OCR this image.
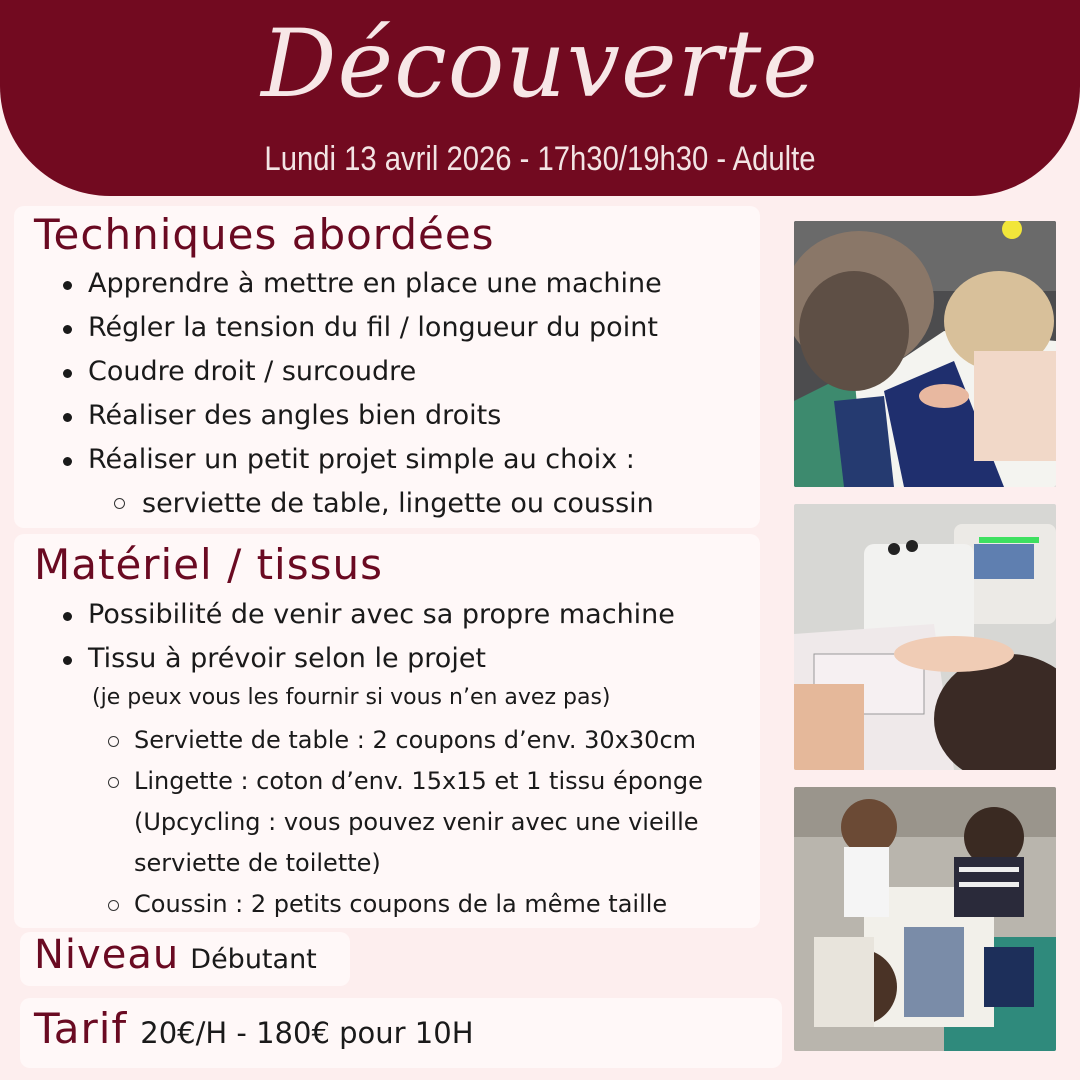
Découverte
Lundi 13 avril 2026 - 17h30/19h30 - Adulte
Techniques abordées
Apprendre à mettre en place une machine
Régler la tension du fil / longueur du point
Coudre droit / surcoudre
Réaliser des angles bien droits
Réaliser un petit projet simple au choix :
serviette de table, lingette ou coussin
Matériel / tissus
Possibilité de venir avec sa propre machine
Tissu à prévoir selon le projet
(je peux vous les fournir si vous n’en avez pas)
Serviette de table : 2 coupons d’env. 30x30cm
Lingette : coton d’env. 15x15 et 1 tissu éponge
(Upcycling : vous pouvez venir avec une vieille
serviette de toilette)
Coussin : 2 petits coupons de la même taille
Niveau Débutant
Tarif 20€/H - 180€ pour 10H
